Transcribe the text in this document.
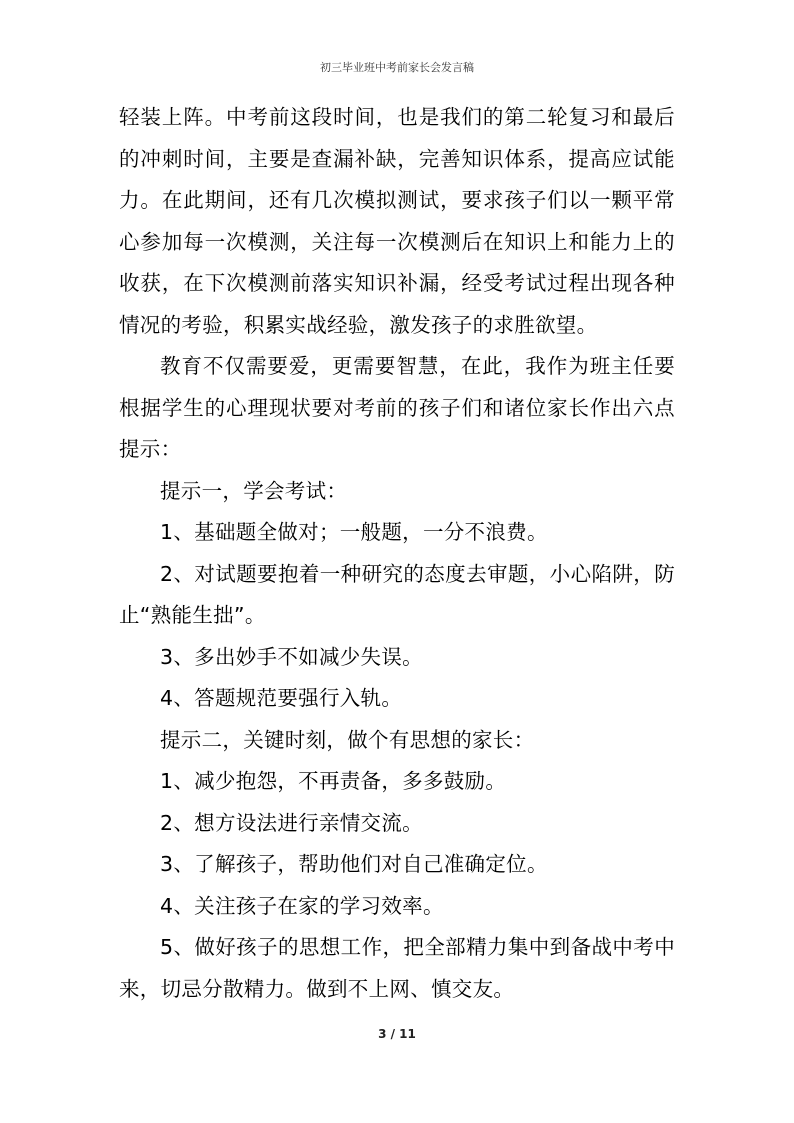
初三毕业班中考前家长会发言稿

轻装上阵。中考前这段时间，也是我们的第二轮复习和最后的冲刺时间，主要是查漏补缺，完善知识体系，提高应试能力。在此期间，还有几次模拟测试，要求孩子们以一颗平常心参加每一次模测，关注每一次模测后在知识上和能力上的收获，在下次模测前落实知识补漏，经受考试过程出现各种情况的考验，积累实战经验，激发孩子的求胜欲望。

教育不仅需要爱，更需要智慧，在此，我作为班主任要根据学生的心理现状要对考前的孩子们和诸位家长作出六点提示：

提示一，学会考试：

1、基础题全做对；一般题，一分不浪费。

2、对试题要抱着一种研究的态度去审题，小心陷阱，防止“熟能生拙”。

3、多出妙手不如减少失误。

4、答题规范要强行入轨。

提示二，关键时刻，做个有思想的家长：

1、减少抱怨，不再责备，多多鼓励。

2、想方设法进行亲情交流。

3、了解孩子，帮助他们对自己准确定位。

4、关注孩子在家的学习效率。

5、做好孩子的思想工作，把全部精力集中到备战中考中来，切忌分散精力。做到不上网、慎交友。

3 / 11
